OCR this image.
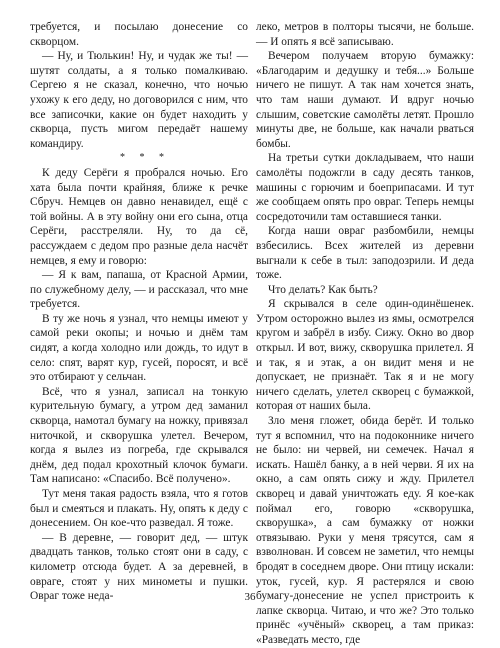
требуется, и посылаю донесение со скворцом.

— Ну, и Тюлькин! Ну, и чудак же ты! — шутят солдаты, а я только помалкиваю. Сергею я не сказал, конечно, что ночью ухожу к его деду, но договорился с ним, что все записочки, какие он будет находить у скворца, пусть мигом передаёт нашему командиру.

* * *

К деду Серёги я пробрался ночью. Его хата была почти крайняя, ближе к речке Сбруч. Немцев он давно ненавидел, ещё с той войны. А в эту войну они его сына, отца Серёги, расстреляли. Ну, то да сё, рассуждаем с дедом про разные дела насчёт немцев, я ему и говорю:

— Я к вам, папаша, от Красной Армии, по служебному делу, — и рассказал, что мне требуется.

В ту же ночь я узнал, что немцы имеют у самой реки окопы; и ночью и днём там сидят, а когда холодно или дождь, то идут в село: спят, варят кур, гусей, поросят, и всё это отбирают у сельчан.

Всё, что я узнал, записал на тонкую курительную бумагу, а утром дед заманил скворца, намотал бумагу на ножку, привязал ниточкой, и скворушка улетел. Вечером, когда я вылез из погреба, где скрывался днём, дед подал крохотный клочок бумаги. Там написано: «Спасибо. Всё получено».

Тут меня такая радость взяла, что я готов был и смеяться и плакать. Ну, опять к деду с донесением. Он кое-что разведал. Я тоже.

— В деревне, — говорит дед, — штук двадцать танков, только стоят они в саду, с километр отсюда будет. А за деревней, в овраге, стоят у них минометы и пушки. Овраг тоже неда-

леко, метров в полторы тысячи, не больше. — И опять я всё записываю.

Вечером получаем вторую бумажку: «Благодарим и дедушку и тебя...» Больше ничего не пишут. А так нам хочется знать, что там наши думают. И вдруг ночью слышим, советские самолёты летят. Прошло минуты две, не больше, как начали рваться бомбы.

На третьи сутки докладываем, что наши самолёты подожгли в саду десять танков, машины с горючим и боеприпасами. И тут же сообщаем опять про овраг. Теперь немцы сосредоточили там оставшиеся танки.

Когда наши овраг разбомбили, немцы взбесились. Всех жителей из деревни выгнали к себе в тыл: заподозрили. И деда тоже.

Что делать? Как быть?

Я скрывался в селе один-одинёшенек. Утром осторожно вылез из ямы, осмотрелся кругом и забрёл в избу. Сижу. Окно во двор открыл. И вот, вижу, скворушка прилетел. Я и так, я и этак, а он видит меня и не допускает, не признаёт. Так я и не могу ничего сделать, улетел скворец с бумажкой, которая от наших была.

Зло меня гложет, обида берёт. И только тут я вспомнил, что на подоконнике ничего не было: ни червей, ни семечек. Начал я искать. Нашёл банку, а в ней черви. Я их на окно, а сам опять сижу и жду. Прилетел скворец и давай уничтожать еду. Я кое-как поймал его, говорю «скворушка, скворушка», а сам бумажку от ножки отвязываю. Руки у меня трясутся, сам я взволнован. И совсем не заметил, что немцы бродят в соседнем дворе. Они птицу искали: уток, гусей, кур. Я растерялся и свою бумагу-донесение не успел пристроить к лапке скворца. Читаю, и что же? Это только принёс «учёный» скворец, а там приказ: «Разведать место, где

36
